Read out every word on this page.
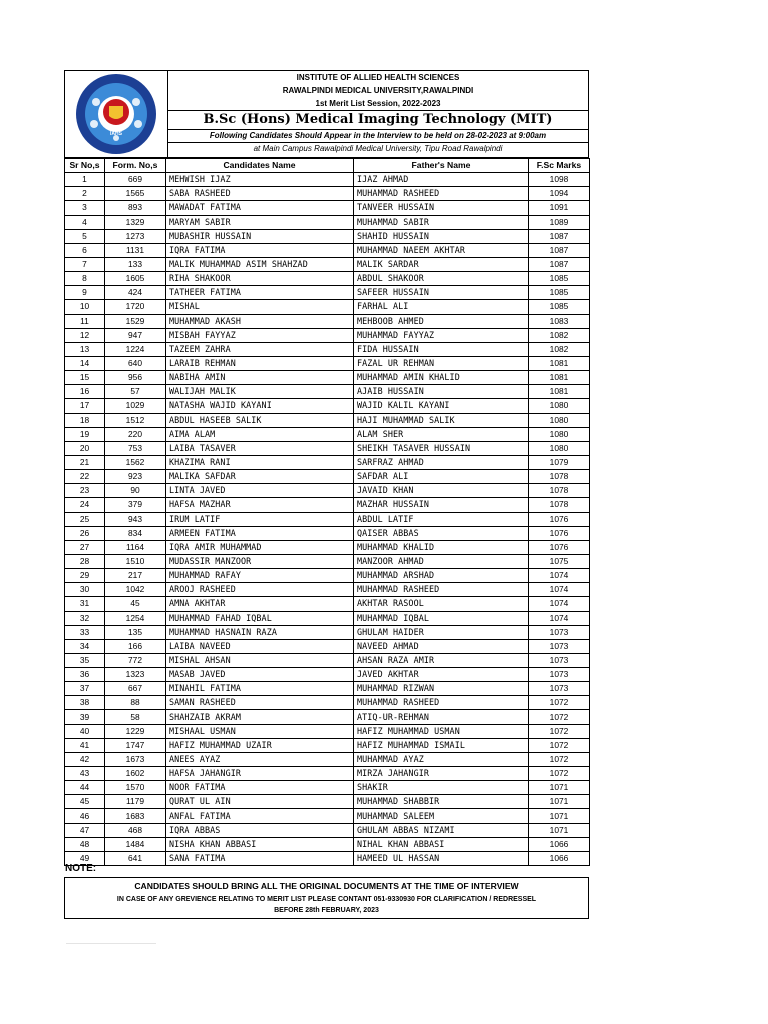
IAHS
INSTITUTE OF ALLIED HEALTH SCIENCES
RAWALPINDI MEDICAL UNIVERSITY,RAWALPINDI
1st Merit List Session, 2022-2023
B.Sc (Hons) Medical Imaging Technology (MIT)
Following Candidates Should Appear in the Interview to be held on 28-02-2023 at 9:00am
at Main Campus Rawalpindi Medical University, Tipu Road Rawalpindi
Sr No,s	Form. No,s	Candidates Name	Father's Name	F.Sc Marks
1	669	MEHWISH IJAZ	IJAZ AHMAD	1098
2	1565	SABA RASHEED	MUHAMMAD RASHEED	1094
3	893	MAWADAT FATIMA	TANVEER HUSSAIN	1091
4	1329	MARYAM SABIR	MUHAMMAD SABIR	1089
5	1273	MUBASHIR HUSSAIN	SHAHID HUSSAIN	1087
6	1131	IQRA FATIMA	MUHAMMAD NAEEM AKHTAR	1087
7	133	MALIK MUHAMMAD ASIM SHAHZAD	MALIK SARDAR	1087
8	1605	RIHA SHAKOOR	ABDUL SHAKOOR	1085
9	424	TATHEER FATIMA	SAFEER HUSSAIN	1085
10	1720	MISHAL	FARHAL ALI	1085
11	1529	MUHAMMAD AKASH	MEHBOOB AHMED	1083
12	947	MISBAH FAYYAZ	MUHAMMAD FAYYAZ	1082
13	1224	TAZEEM ZAHRA	FIDA HUSSAIN	1082
14	640	LARAIB REHMAN	FAZAL UR REHMAN	1081
15	956	NABIHA AMIN	MUHAMMAD AMIN KHALID	1081
16	57	WALIJAH MALIK	AJAIB HUSSAIN	1081
17	1029	NATASHA WAJID KAYANI	WAJID KALIL KAYANI	1080
18	1512	ABDUL HASEEB SALIK	HAJI MUHAMMAD SALIK	1080
19	220	AIMA ALAM	ALAM SHER	1080
20	753	LAIBA TASAVER	SHEIKH TASAVER HUSSAIN	1080
21	1562	KHAZIMA RANI	SARFRAZ AHMAD	1079
22	923	MALIKA SAFDAR	SAFDAR ALI	1078
23	90	LINTA JAVED	JAVAID KHAN	1078
24	379	HAFSA MAZHAR	MAZHAR HUSSAIN	1078
25	943	IRUM LATIF	ABDUL LATIF	1076
26	834	ARMEEN FATIMA	QAISER ABBAS	1076
27	1164	IQRA AMIR MUHAMMAD	MUHAMMAD KHALID	1076
28	1510	MUDASSIR MANZOOR	MANZOOR AHMAD	1075
29	217	MUHAMMAD RAFAY	MUHAMMAD ARSHAD	1074
30	1042	AROOJ RASHEED	MUHAMMAD RASHEED	1074
31	45	AMNA AKHTAR	AKHTAR RASOOL	1074
32	1254	MUHAMMAD FAHAD IQBAL	MUHAMMAD IQBAL	1074
33	135	MUHAMMAD HASNAIN RAZA	GHULAM HAIDER	1073
34	166	LAIBA NAVEED	NAVEED AHMAD	1073
35	772	MISHAL AHSAN	AHSAN RAZA AMIR	1073
36	1323	MASAB JAVED	JAVED AKHTAR	1073
37	667	MINAHIL FATIMA	MUHAMMAD RIZWAN	1073
38	88	SAMAN RASHEED	MUHAMMAD RASHEED	1072
39	58	SHAHZAIB AKRAM	ATIQ-UR-REHMAN	1072
40	1229	MISHAAL USMAN	HAFIZ MUHAMMAD USMAN	1072
41	1747	HAFIZ MUHAMMAD UZAIR	HAFIZ MUHAMMAD ISMAIL	1072
42	1673	ANEES AYAZ	MUHAMMAD AYAZ	1072
43	1602	HAFSA JAHANGIR	MIRZA JAHANGIR	1072
44	1570	NOOR FATIMA	SHAKIR	1071
45	1179	QURAT UL AIN	MUHAMMAD SHABBIR	1071
46	1683	ANFAL FATIMA	MUHAMMAD SALEEM	1071
47	468	IQRA ABBAS	GHULAM ABBAS NIZAMI	1071
48	1484	NISHA KHAN ABBASI	NIHAL KHAN ABBASI	1066
49	641	SANA FATIMA	HAMEED UL HASSAN	1066
NOTE:
CANDIDATES SHOULD BRING ALL THE ORIGINAL DOCUMENTS AT THE TIME OF INTERVIEW
IN CASE OF ANY GREVIENCE RELATING TO MERIT LIST PLEASE CONTANT 051-9330930 FOR CLARIFICATION / REDRESSEL
BEFORE 28th FEBRUARY, 2023
